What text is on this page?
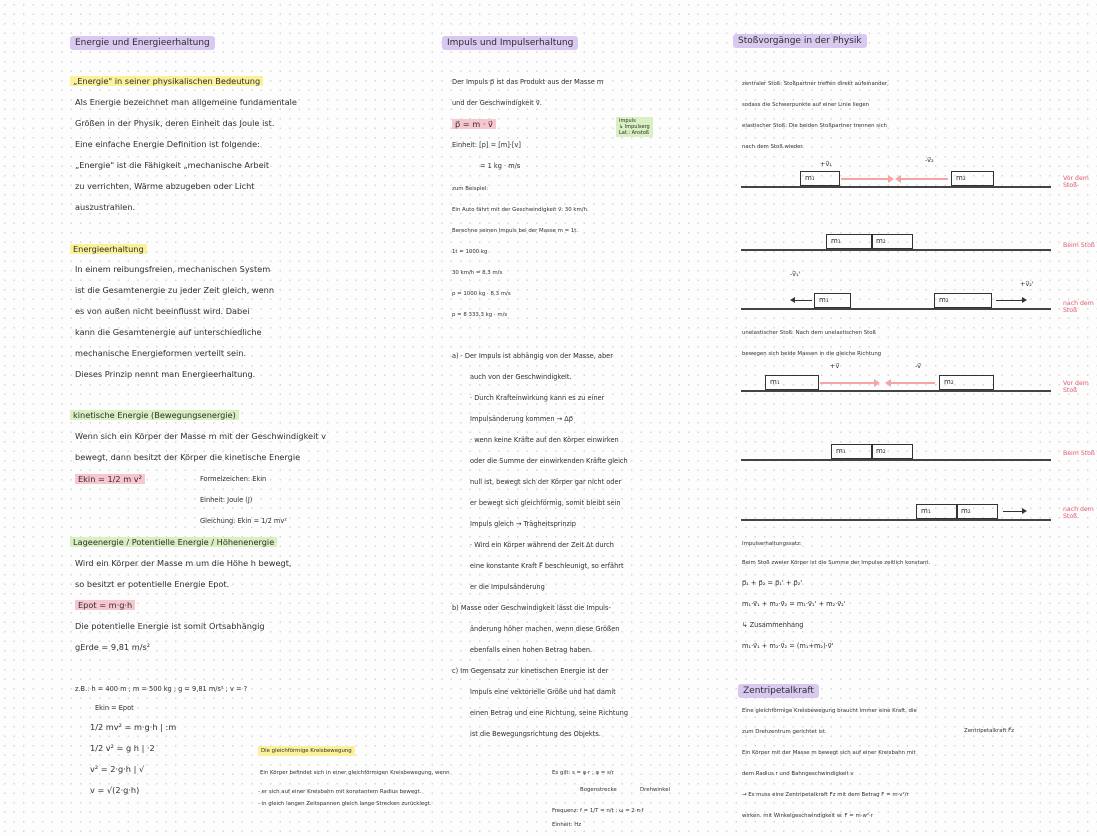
Energie und Energieerhaltung
„Energie" in seiner physikalischen Bedeutung
Als Energie bezeichnet man allgemeine fundamentale
Größen in der Physik, deren Einheit das Joule ist.
Eine einfache Energie Definition ist folgende:
„Energie" ist die Fähigkeit „mechanische Arbeit
zu verrichten, Wärme abzugeben oder Licht
auszustrahlen.
Energieerhaltung
In einem reibungsfreien, mechanischen System
ist die Gesamtenergie zu jeder Zeit gleich, wenn
es von außen nicht beeinflusst wird. Dabei
kann die Gesamtenergie auf unterschiedliche
mechanische Energieformen verteilt sein.
Dieses Prinzip nennt man Energieerhaltung.
kinetische Energie (Bewegungsenergie)
Wenn sich ein Körper der Masse m mit der Geschwindigkeit v
bewegt, dann besitzt der Körper die kinetische Energie
Ekin = 1/2 m v²	Formelzeichen: Ekin
Einheit: Joule (J)
Gleichung: Ekin = 1/2 mv²
Lageenergie / Potentielle Energie / Höhenenergie
Wird ein Körper der Masse m um die Höhe h bewegt,
so besitzt er potentielle Energie Epot.
Epot = m·g·h
Die potentielle Energie ist somit Ortsabhängig
gErde = 9,81 m/s²
z.B.: h = 400 m ; m = 500 kg ; g = 9,81 m/s² ; v = ?
Ekin = Epot
1/2 mv² = m·g·h | :m
1/2 v² = g h | ·2
v² = 2·g·h | √
v = √(2·g·h)
Impuls und Impulserhaltung
Der Impuls p⃗ ist das Produkt aus der Masse m
und der Geschwindigkeit v⃗.
p⃗ = m · v⃗	Impuls
↳ Impulserg
Lat.: Anstoß
Einheit: [p] = [m]·[v]
= 1 kg · m/s
zum Beispiel:
Ein Auto fährt mit der Geschwindigkeit v⃗: 30 km/h.
Berechne seinen Impuls bei der Masse m = 1t.
1t = 1000 kg
30 km/h = 8,3 m/s
p = 1000 kg · 8,3 m/s
p = 8 333,3 kg · m/s
a) · Der Impuls ist abhängig von der Masse, aber
auch von der Geschwindigkeit.
· Durch Krafteinwirkung kann es zu einer
Impulsänderung kommen → Δp⃗
· wenn keine Kräfte auf den Körper einwirken
oder die Summe der einwirkenden Kräfte gleich
null ist, bewegt sich der Körper gar nicht oder
er bewegt sich gleichförmig, somit bleibt sein
Impuls gleich → Trägheitsprinzip
· Wird ein Körper während der Zeit Δt durch
eine konstante Kraft F⃗ beschleunigt, so erfährt
er die Impulsänderung
b) Masse oder Geschwindigkeit lässt die Impuls-
änderung höher machen, wenn diese Größen
ebenfalls einen hohen Betrag haben.
c) Im Gegensatz zur kinetischen Energie ist der
Impuls eine vektorielle Größe und hat damit
einen Betrag und eine Richtung, seine Richtung
ist die Bewegungsrichtung des Objekts.
Die gleichförmige Kreisbewegung
Ein Körper befindet sich in einer gleichförmigen Kreisbewegung, wenn
- er sich auf einer Kreisbahn mit konstantem Radius bewegt.
- in gleich langen Zeitspannen gleich lange Strecken zurücklegt.
Es gilt: s = φ·r ; φ = s/r
Bogenstrecke	Drehwinkel
Frequenz: f = 1/T = n/t ; ω = 2·π·f
Einheit: Hz
Stoßvorgänge in der Physik
zentraler Stoß: Stoßpartner treffen direkt aufeinander,
sodass die Schwerpunkte auf einer Linie liegen
elastischer Stoß: Die beiden Stoßpartner trennen sich
nach dem Stoß wieder.
+v⃗₁	-v⃗₂
m₁	m₂	Vor dem Stoß
m₁	m₂
Beim Stoß
-v⃗₁'
+v⃗₂'
m₁	m₂	nach dem Stoß
unelastischer Stoß: Nach dem unelastischen Stoß
bewegen sich beide Massen in die gleiche Richtung
+v⃗	-v⃗
m₁	m₂	Vor dem Stoß
m₁	m₂	Beim Stoß
m₁	m₂	nach dem Stoß
Impulserhaltungssatz:
Beim Stoß zweier Körper ist die Summe der Impulse zeitlich konstant.
p⃗₁ + p⃗₂ = p⃗₁' + p⃗₂'
m₁·v⃗₁ + m₂·v⃗₂ = m₁·v⃗₁' + m₂·v⃗₂'
↳ Zusammenhang
m₁·v⃗₁ + m₂·v⃗₂ = (m₁+m₂)·v⃗'
Zentripetalkraft
Eine gleichförmige Kreisbewegung braucht immer eine Kraft, die
zum Drehzentrum gerichtet ist.	Zentripetalkraft F⃗z
Ein Körper mit der Masse m bewegt sich auf einer Kreisbahn mit
dem Radius r und Bahngeschwindigkeit v
→ Es muss eine Zentripetalkraft Fz mit dem Betrag F = m·v²/r
wirken. mit Winkelgeschwindigkeit w: F = m·w²·r
